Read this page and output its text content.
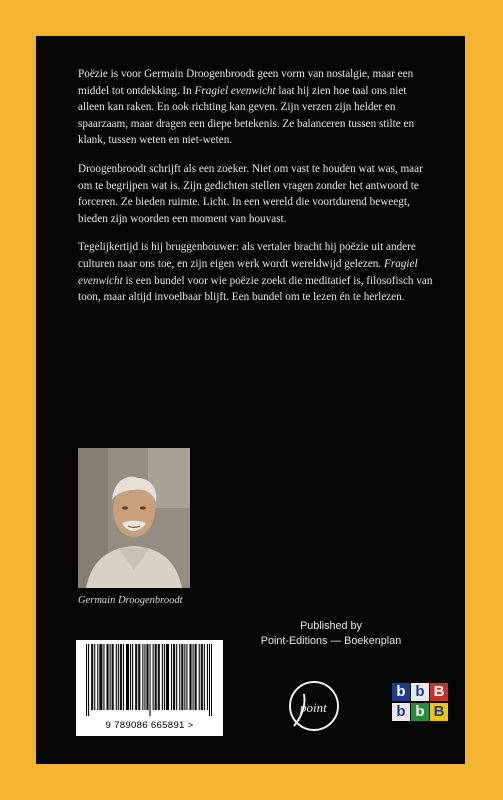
Poëzie is voor Germain Droogenbroodt geen vorm van nostalgie, maar een middel tot ontdekking. In Fragiel evenwicht laat hij zien hoe taal ons niet alleen kan raken. En ook richting kan geven. Zijn verzen zijn helder en spaarzaam, maar dragen een diepe betekenis. Ze balanceren tussen stilte en klank, tussen weten en niet-weten.

Droogenbroodt schrijft als een zoeker. Niet om vast te houden wat was, maar om te begrijpen wat is. Zijn gedichten stellen vragen zonder het antwoord te forceren. Ze bieden ruimte. Licht. In een wereld die voortdurend beweegt, bieden zijn woorden een moment van houvast.

Tegelijkertijd is hij bruggenbouwer: als vertaler bracht hij poëzie uit andere culturen naar ons toe, en zijn eigen werk wordt wereldwijd gelezen. Fragiel evenwicht is een bundel voor wie poëzie zoekt die meditatief is, filosofisch van toon, maar altijd invoelbaar blijft. Een bundel om te lezen én te herlezen.

Germain Droogenbroodt
Published by
Point-Editions — Boekenplan
9 789086 665891 >
point
b b B
b b B
